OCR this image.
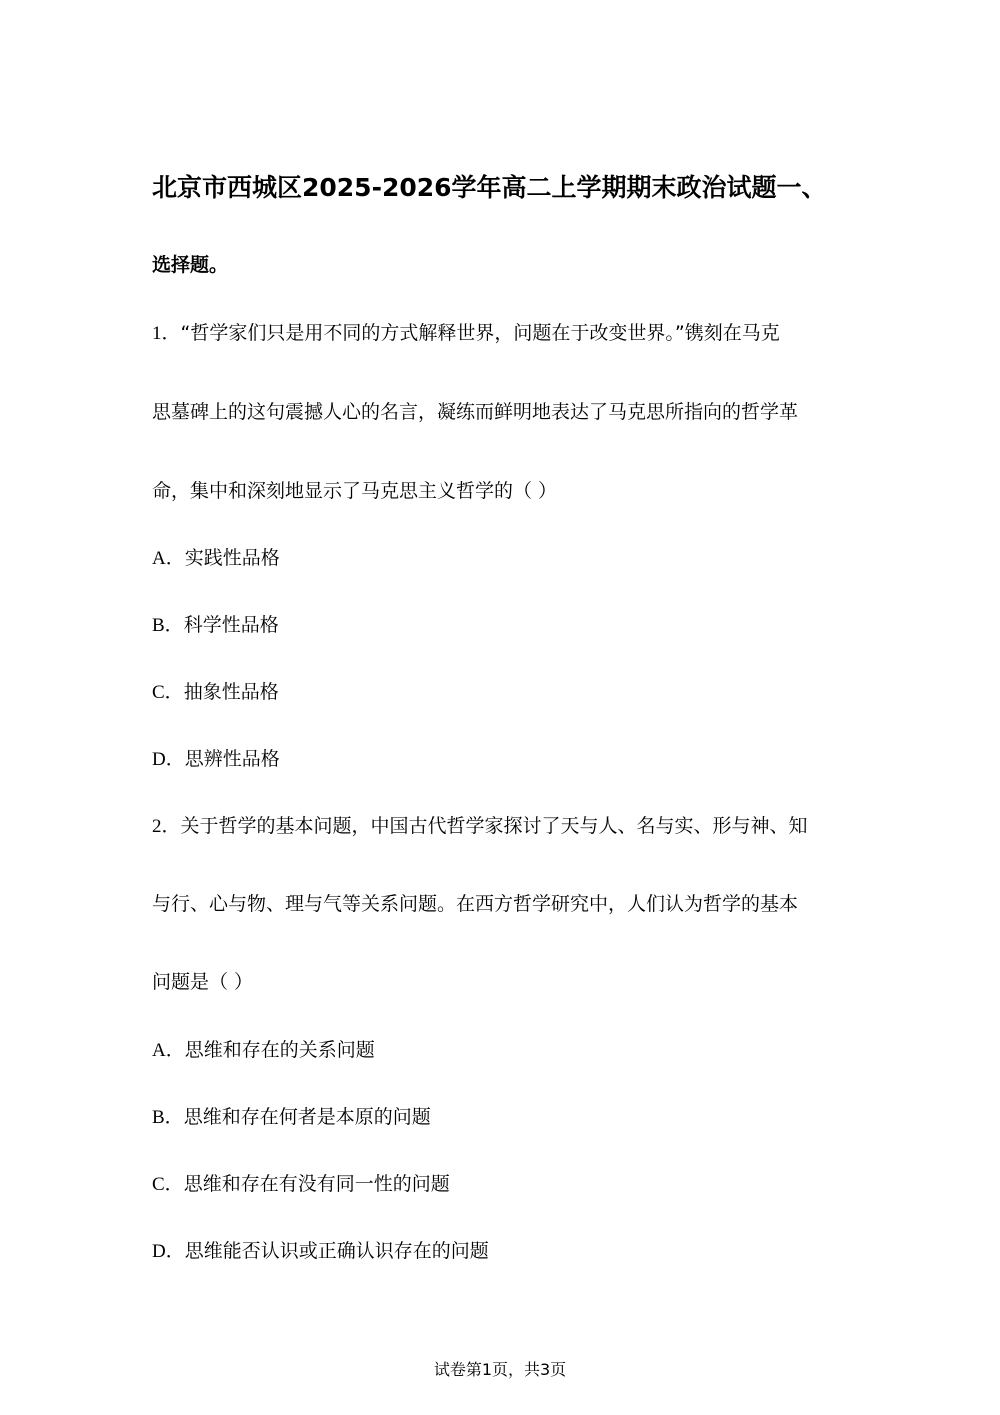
北京市西城区2025-2026学年高二上学期期末政治试题一、
选择题。
1．“哲学家们只是用不同的方式解释世界，问题在于改变世界。”镌刻在马克
思墓碑上的这句震撼人心的名言，凝练而鲜明地表达了马克思所指向的哲学革
命，集中和深刻地显示了马克思主义哲学的（ ）
A．实践性品格
B．科学性品格
C．抽象性品格
D．思辨性品格
2．关于哲学的基本问题，中国古代哲学家探讨了天与人、名与实、形与神、知
与行、心与物、理与气等关系问题。在西方哲学研究中，人们认为哲学的基本
问题是（ ）
A．思维和存在的关系问题
B．思维和存在何者是本原的问题
C．思维和存在有没有同一性的问题
D．思维能否认识或正确认识存在的问题
试卷第1页，共3页
